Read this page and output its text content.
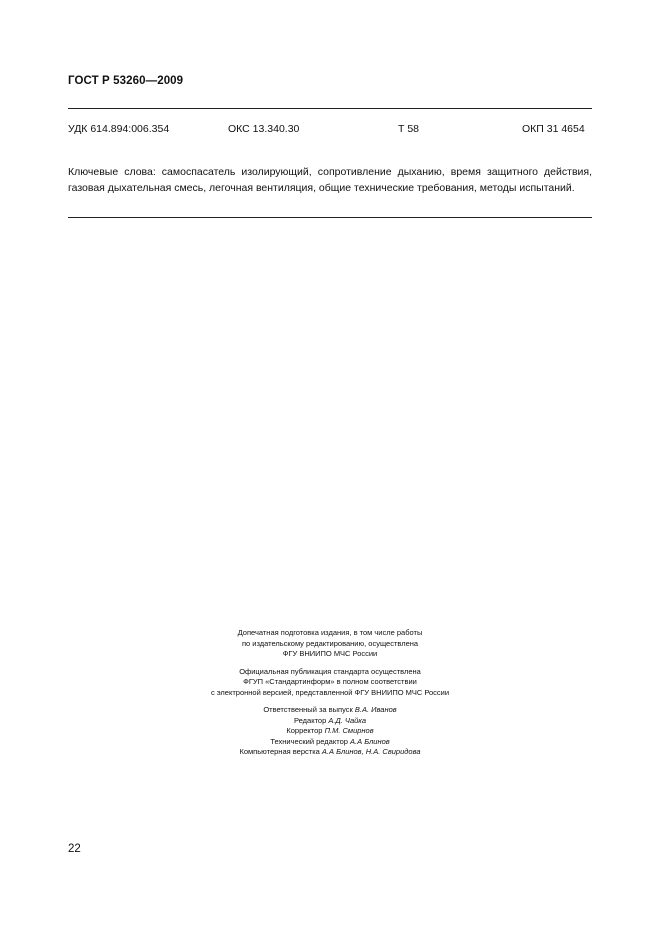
ГОСТ Р 53260—2009
УДК 614.894:006.354	ОКС 13.340.30	Т 58	ОКП 31 4654
Ключевые слова: самоспасатель изолирующий, сопротивление дыханию, время защитного действия, газовая дыхательная смесь, легочная вентиляция, общие технические требования, методы испытаний.
Допечатная подготовка издания, в том числе работы
по издательскому редактированию, осуществлена
ФГУ ВНИИПО МЧС России
Официальная публикация стандарта осуществлена
ФГУП «Стандартинформ» в полном соответствии
с электронной версией, представленной ФГУ ВНИИПО МЧС России
Ответственный за выпуск В.А. Иванов
Редактор А.Д. Чайка
Корректор П.М. Смирнов
Технический редактор А.А Блинов
Компьютерная верстка А.А Блинов, Н.А. Свиридова
22
